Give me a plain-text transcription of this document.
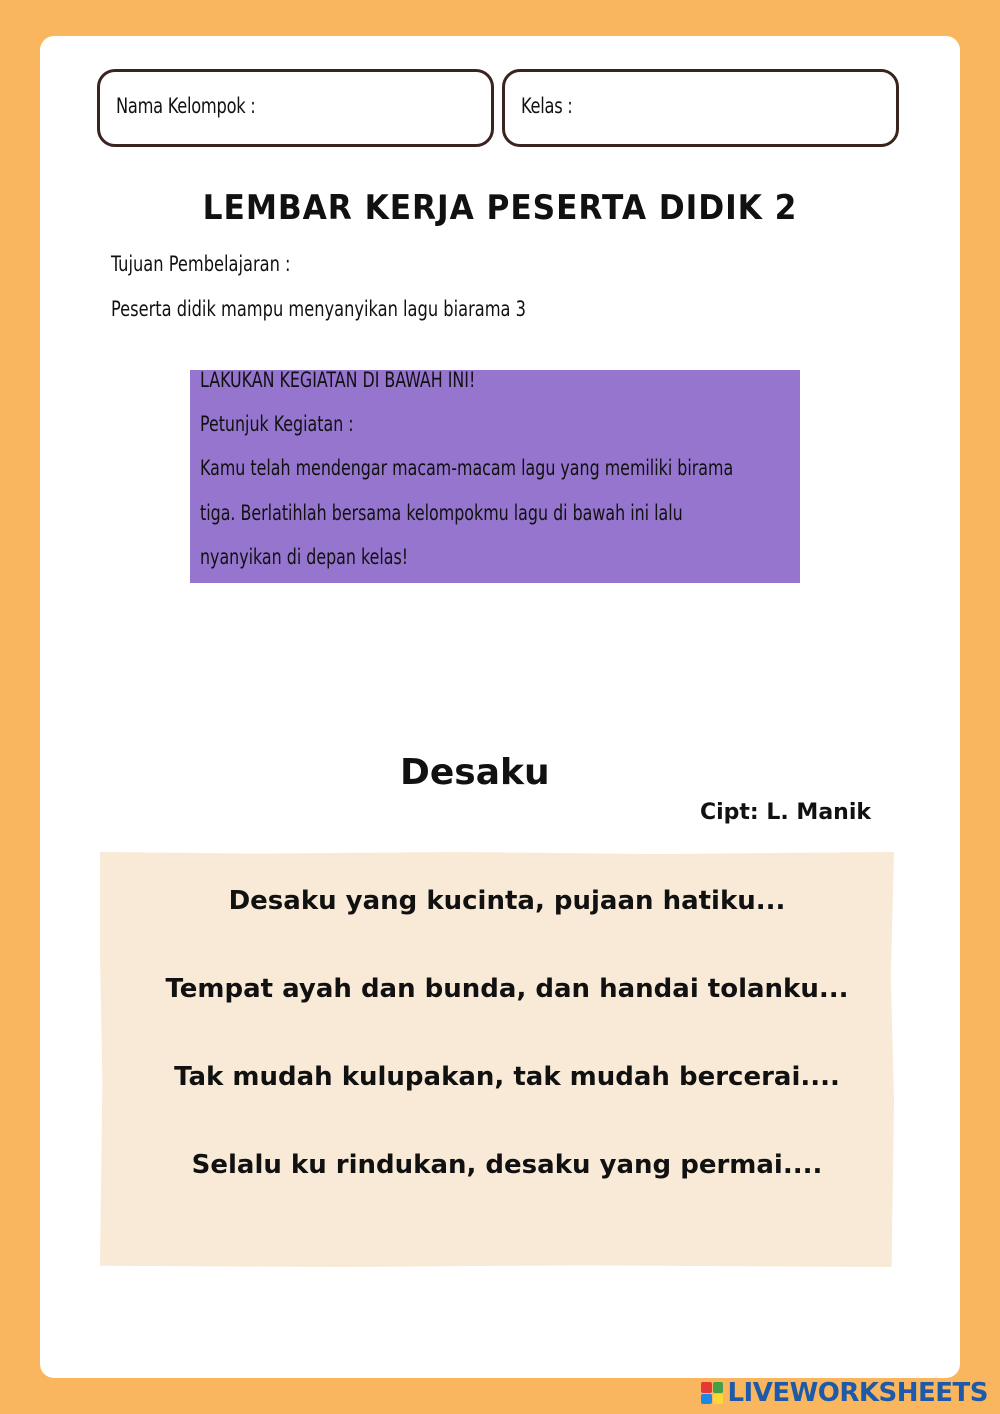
Nama Kelompok :	Kelas :
LEMBAR KERJA PESERTA DIDIK 2
Tujuan Pembelajaran :
Peserta didik mampu menyanyikan lagu biarama 3
LAKUKAN KEGIATAN DI BAWAH INI!
Petunjuk Kegiatan :
Kamu telah mendengar macam-macam lagu yang memiliki birama
tiga. Berlatihlah bersama kelompokmu lagu di bawah ini lalu
nyanyikan di depan kelas!
Desaku
Cipt: L. Manik
Desaku yang kucinta, pujaan hatiku...
Tempat ayah dan bunda, dan handai tolanku...
Tak mudah kulupakan, tak mudah bercerai....
Selalu ku rindukan, desaku yang permai....
LIVEWORKSHEETS
